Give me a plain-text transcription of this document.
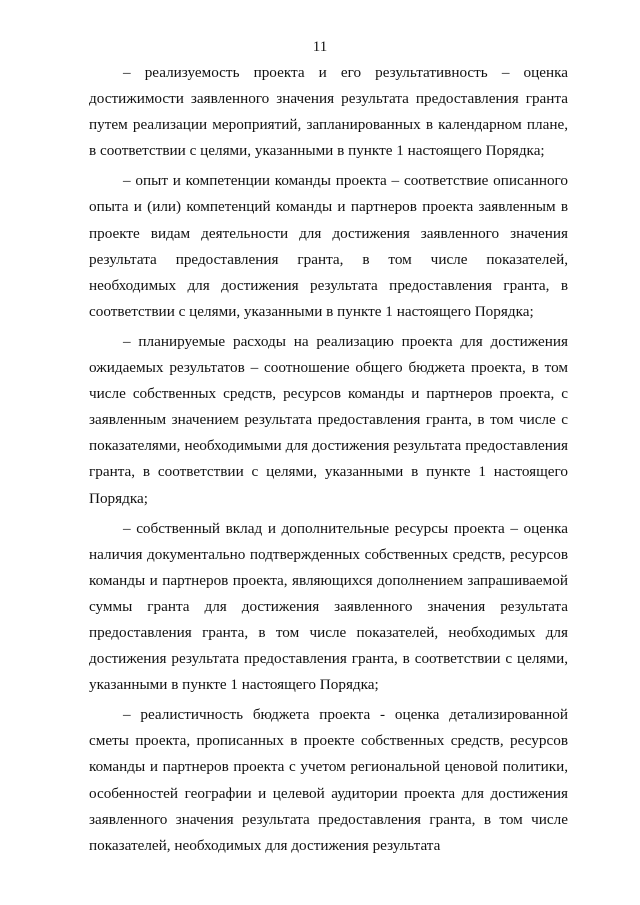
11

– реализуемость проекта и его результативность – оценка достижимости заявленного значения результата предоставления гранта путем реализации мероприятий, запланированных в календарном плане, в соответствии с целями, указанными в пункте 1 настоящего Порядка;

– опыт и компетенции команды проекта – соответствие описанного опыта и (или) компетенций команды и партнеров проекта заявленным в проекте видам деятельности для достижения заявленного значения результата предоставления гранта, в том числе показателей, необходимых для достижения результата предоставления гранта, в соответствии с целями, указанными в пункте 1 настоящего Порядка;

– планируемые расходы на реализацию проекта для достижения ожидаемых результатов – соотношение общего бюджета проекта, в том числе собственных средств, ресурсов команды и партнеров проекта, с заявленным значением результата предоставления гранта, в том числе с показателями, необходимыми для достижения результата предоставления гранта, в соответствии с целями, указанными в пункте 1 настоящего Порядка;

– собственный вклад и дополнительные ресурсы проекта – оценка наличия документально подтвержденных собственных средств, ресурсов команды и партнеров проекта, являющихся дополнением запрашиваемой суммы гранта для достижения заявленного значения результата предоставления гранта, в том числе показателей, необходимых для достижения результата предоставления гранта, в соответствии с целями, указанными в пункте 1 настоящего Порядка;

– реалистичность бюджета проекта - оценка детализированной сметы проекта, прописанных в проекте собственных средств, ресурсов команды и партнеров проекта с учетом региональной ценовой политики, особенностей географии и целевой аудитории проекта для достижения заявленного значения результата предоставления гранта, в том числе показателей, необходимых для достижения результата
